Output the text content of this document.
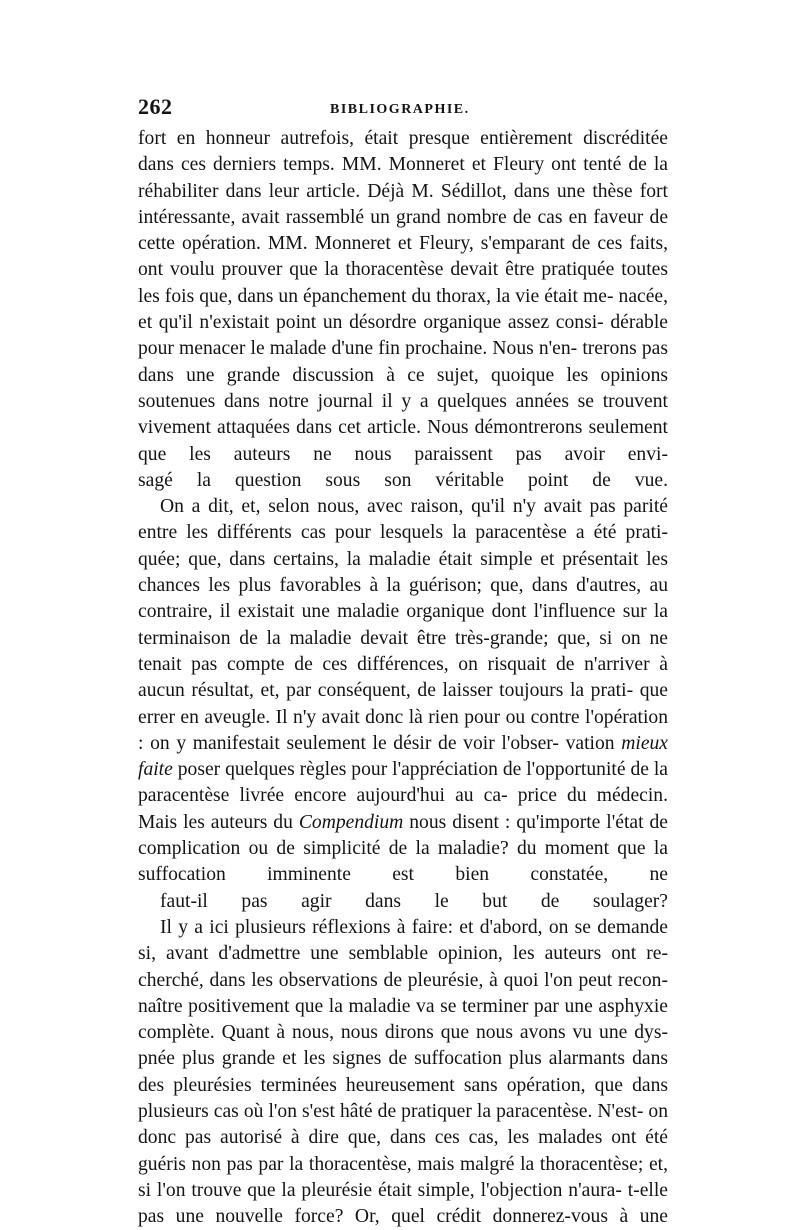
262	BIBLIOGRAPHIE.

fort en honneur autrefois, était presque entièrement discréditée dans ces derniers temps. MM. Monneret et Fleury ont tenté de la réhabiliter dans leur article. Déjà M. Sédillot, dans une thèse fort intéressante, avait rassemblé un grand nombre de cas en faveur de cette opération. MM. Monneret et Fleury, s'emparant de ces faits, ont voulu prouver que la thoracentèse devait être pratiquée toutes les fois que, dans un épanchement du thorax, la vie était me- nacée, et qu'il n'existait point un désordre organique assez consi- dérable pour menacer le malade d'une fin prochaine. Nous n'en- trerons pas dans une grande discussion à ce sujet, quoique les opinions soutenues dans notre journal il y a quelques années se trouvent vivement attaquées dans cet article. Nous démontrerons seulement que les auteurs ne nous paraissent pas avoir envi-
sagé la question sous son véritable point de vue.

On a dit, et, selon nous, avec raison, qu'il n'y avait pas parité entre les différents cas pour lesquels la paracentèse a été prati- quée; que, dans certains, la maladie était simple et présentait les chances les plus favorables à la guérison; que, dans d'autres, au contraire, il existait une maladie organique dont l'influence sur la terminaison de la maladie devait être très-grande; que, si on ne tenait pas compte de ces différences, on risquait de n'arriver à aucun résultat, et, par conséquent, de laisser toujours la prati- que errer en aveugle. Il n'y avait donc là rien pour ou contre l'opération : on y manifestait seulement le désir de voir l'obser- vation mieux faite poser quelques règles pour l'appréciation de l'opportunité de la paracentèse livrée encore aujourd'hui au ca- price du médecin. Mais les auteurs du Compendium nous disent : qu'importe l'état de complication ou de simplicité de la maladie? du moment que la suffocation imminente est bien constatée, ne
faut-il pas agir dans le but de soulager?

Il y a ici plusieurs réflexions à faire: et d'abord, on se demande si, avant d'admettre une semblable opinion, les auteurs ont re- cherché, dans les observations de pleurésie, à quoi l'on peut recon- naître positivement que la maladie va se terminer par une asphyxie complète. Quant à nous, nous dirons que nous avons vu une dys- pnée plus grande et les signes de suffocation plus alarmants dans des pleurésies terminées heureusement sans opération, que dans plusieurs cas où l'on s'est hâté de pratiquer la paracentèse. N'est- on donc pas autorisé à dire que, dans ces cas, les malades ont été guéris non pas par la thoracentèse, mais malgré la thoracentèse; et, si l'on trouve que la pleurésie était simple, l'objection n'aura- t-elle pas une nouvelle force? Or, quel crédit donnerez-vous à une
